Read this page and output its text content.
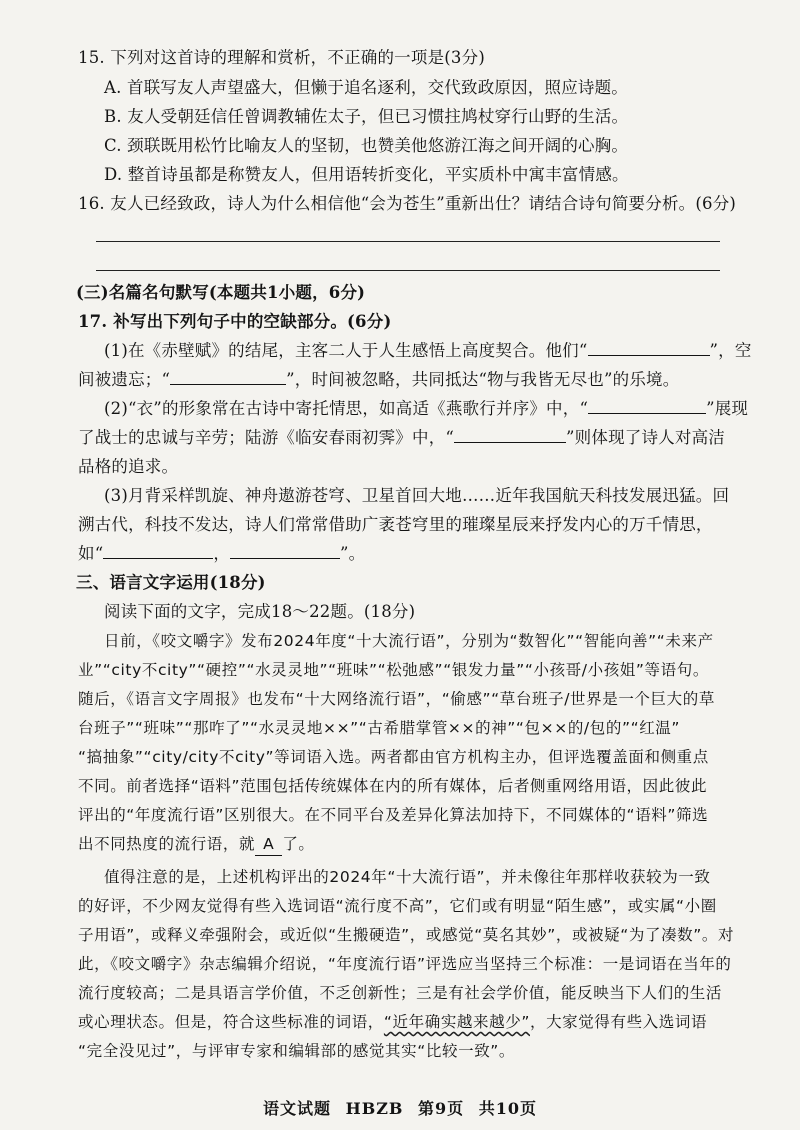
15. 下列对这首诗的理解和赏析，不正确的一项是(3分)
A. 首联写友人声望盛大，但懒于追名逐利，交代致政原因，照应诗题。
B. 友人受朝廷信任曾调教辅佐太子，但已习惯拄鸠杖穿行山野的生活。
C. 颈联既用松竹比喻友人的坚韧，也赞美他悠游江海之间开阔的心胸。
D. 整首诗虽都是称赞友人，但用语转折变化，平实质朴中寓丰富情感。
16. 友人已经致政，诗人为什么相信他“会为苍生”重新出仕？请结合诗句简要分析。(6分)
(三)名篇名句默写(本题共1小题，6分)
17. 补写出下列句子中的空缺部分。(6分)
(1)在《赤壁赋》的结尾，主客二人于人生感悟上高度契合。他们“	”，空
间被遗忘；“	”，时间被忽略，共同抵达“物与我皆无尽也”的乐境。
(2)“衣”的形象常在古诗中寄托情思，如高适《燕歌行并序》中，“	”展现
了战士的忠诚与辛劳；陆游《临安春雨初霁》中，“	”则体现了诗人对高洁
品格的追求。
(3)月背采样凯旋、神舟遨游苍穹、卫星首回大地……近年我国航天科技发展迅猛。回
溯古代，科技不发达，诗人们常常借助广袤苍穹里的璀璨星辰来抒发内心的万千情思，
如“	，	”。
三、语言文字运用(18分)
阅读下面的文字，完成18～22题。(18分)
日前，《咬文嚼字》发布2024年度“十大流行语”，分别为“数智化”“智能向善”“未来产
业”“city不city”“硬控”“水灵灵地”“班味”“松弛感”“银发力量”“小孩哥/小孩姐”等语句。
随后，《语言文字周报》也发布“十大网络流行语”，“偷感”“草台班子/世界是一个巨大的草
台班子”“班味”“那咋了”“水灵灵地××”“古希腊掌管××的神”“包××的/包的”“红温”
“搞抽象”“city/city不city”等词语入选。两者都由官方机构主办，但评选覆盖面和侧重点
不同。前者选择“语料”范围包括传统媒体在内的所有媒体，后者侧重网络用语，因此彼此
评出的“年度流行语”区别很大。在不同平台及差异化算法加持下，不同媒体的“语料”筛选
出不同热度的流行语，就 A 了。
值得注意的是，上述机构评出的2024年“十大流行语”，并未像往年那样收获较为一致
的好评，不少网友觉得有些入选词语“流行度不高”，它们或有明显“陌生感”，或实属“小圈
子用语”，或释义牵强附会，或近似“生搬硬造”，或感觉“莫名其妙”，或被疑“为了凑数”。对
此，《咬文嚼字》杂志编辑介绍说，“年度流行语”评选应当坚持三个标准：一是词语在当年的
流行度较高；二是具语言学价值，不乏创新性；三是有社会学价值，能反映当下人们的生活
或心理状态。但是，符合这些标准的词语，“近年确实越来越少”，大家觉得有些入选词语
“完全没见过”，与评审专家和编辑部的感觉其实“比较一致”。
语文试题 HBZB 第9页 共10页
